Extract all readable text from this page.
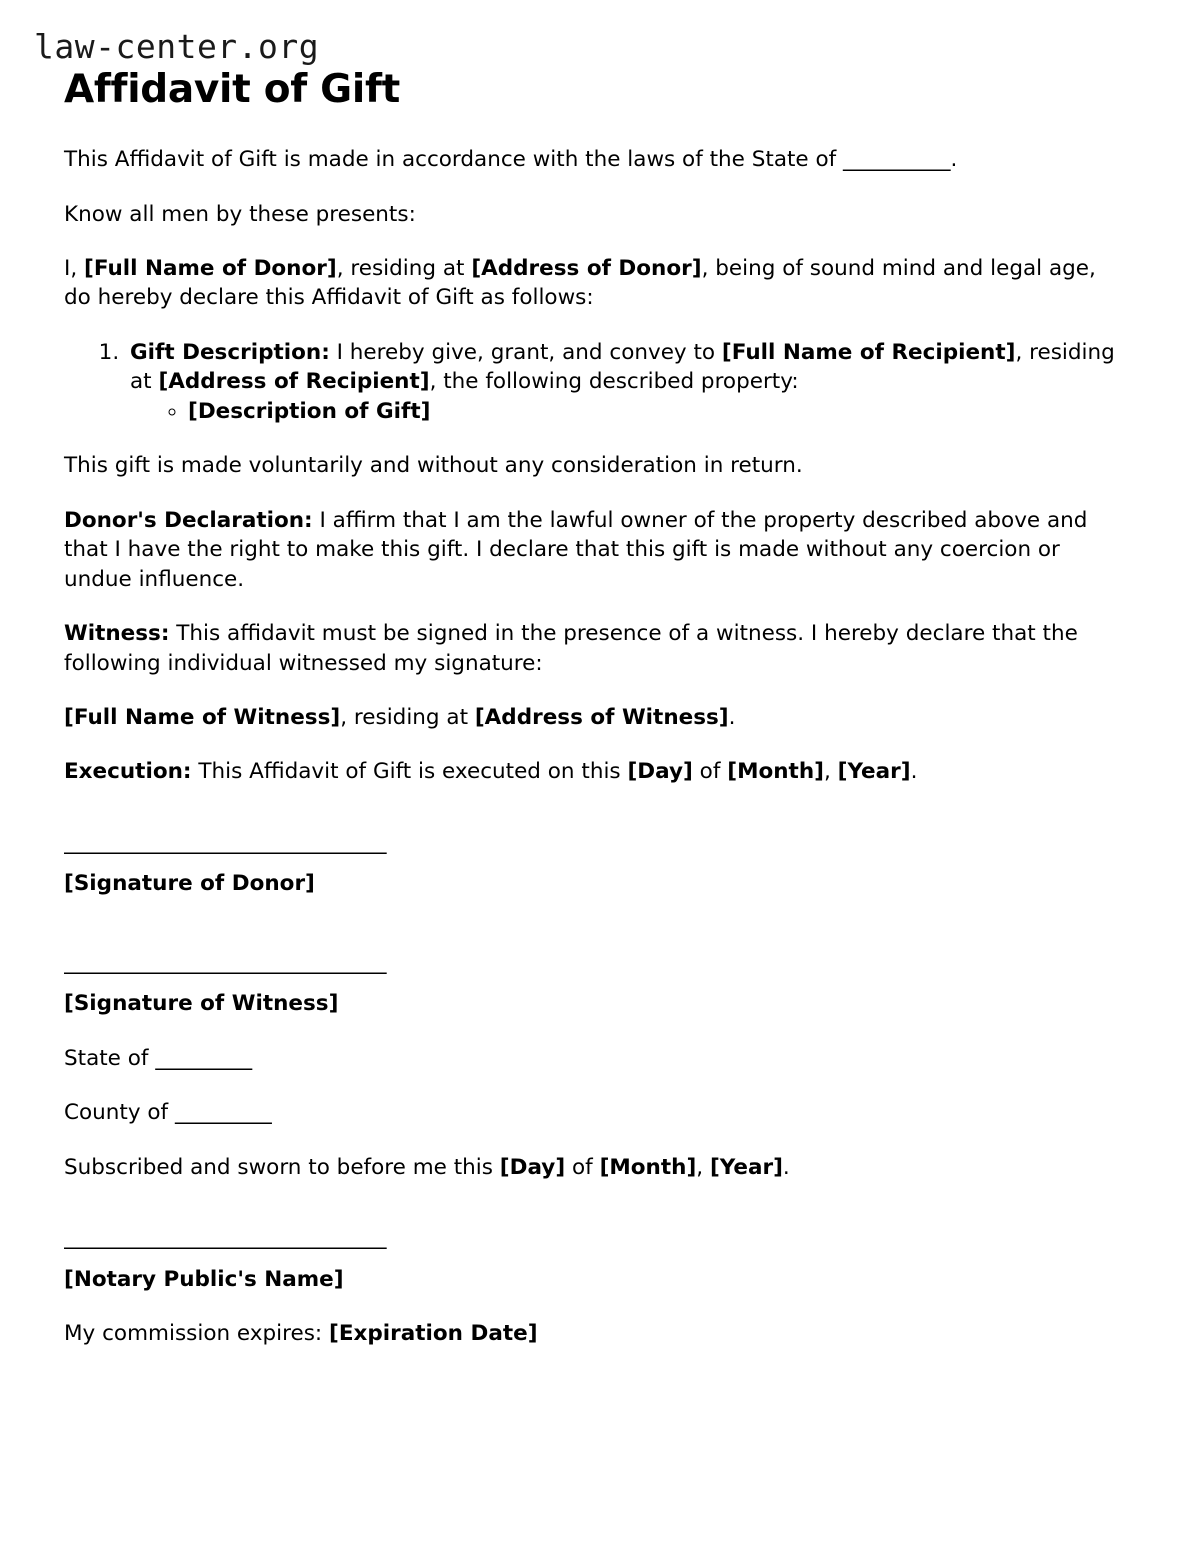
law-center.org
Affidavit of Gift

This Affidavit of Gift is made in accordance with the laws of the State of __________.

Know all men by these presents:

I, [Full Name of Donor], residing at [Address of Donor], being of sound mind and legal age, do hereby declare this Affidavit of Gift as follows:

1. Gift Description: I hereby give, grant, and convey to [Full Name of Recipient], residing at [Address of Recipient], the following described property:
◦ [Description of Gift]

This gift is made voluntarily and without any consideration in return.

Donor's Declaration: I affirm that I am the lawful owner of the property described above and that I have the right to make this gift. I declare that this gift is made without any coercion or undue influence.

Witness: This affidavit must be signed in the presence of a witness. I hereby declare that the following individual witnessed my signature:

[Full Name of Witness], residing at [Address of Witness].

Execution: This Affidavit of Gift is executed on this [Day] of [Month], [Year].

______________________________
[Signature of Donor]
______________________________
[Signature of Witness]

State of _________

County of _________

Subscribed and sworn to before me this [Day] of [Month], [Year].

______________________________
[Notary Public's Name]

My commission expires: [Expiration Date]
